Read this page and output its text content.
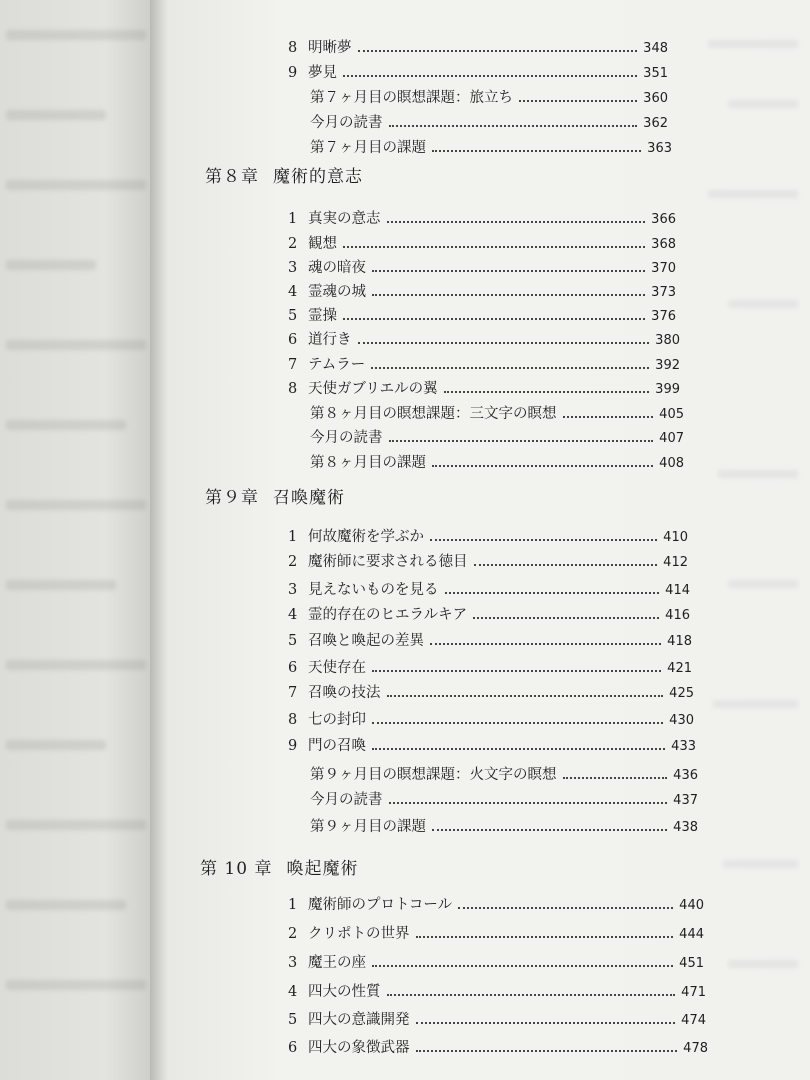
8 明晰夢	348
9 夢見	351
第７ヶ月目の瞑想課題：旅立ち	360
今月の読書	362
第７ヶ月目の課題	363
第８章 魔術的意志
1 真実の意志	366
2 観想	368
3 魂の暗夜	370
4 霊魂の城	373
5 霊操	376
6 道行き	380
7 テムラー	392
8 天使ガブリエルの翼	399
第８ヶ月目の瞑想課題：三文字の瞑想	405
今月の読書	407
第８ヶ月目の課題	408
第９章 召喚魔術
1 何故魔術を学ぶか	410
2 魔術師に要求される徳目	412
3 見えないものを見る	414
4 霊的存在のヒエラルキア	416
5 召喚と喚起の差異	418
6 天使存在	421
7 召喚の技法	425
8 七の封印	430
9 門の召喚	433
第９ヶ月目の瞑想課題：火文字の瞑想	436
今月の読書	437
第９ヶ月目の課題	438
第 10 章 喚起魔術
1 魔術師のプロトコール	440
2 クリポトの世界	444
3 魔王の座	451
4 四大の性質	471
5 四大の意識開発	474
6 四大の象徴武器	478
